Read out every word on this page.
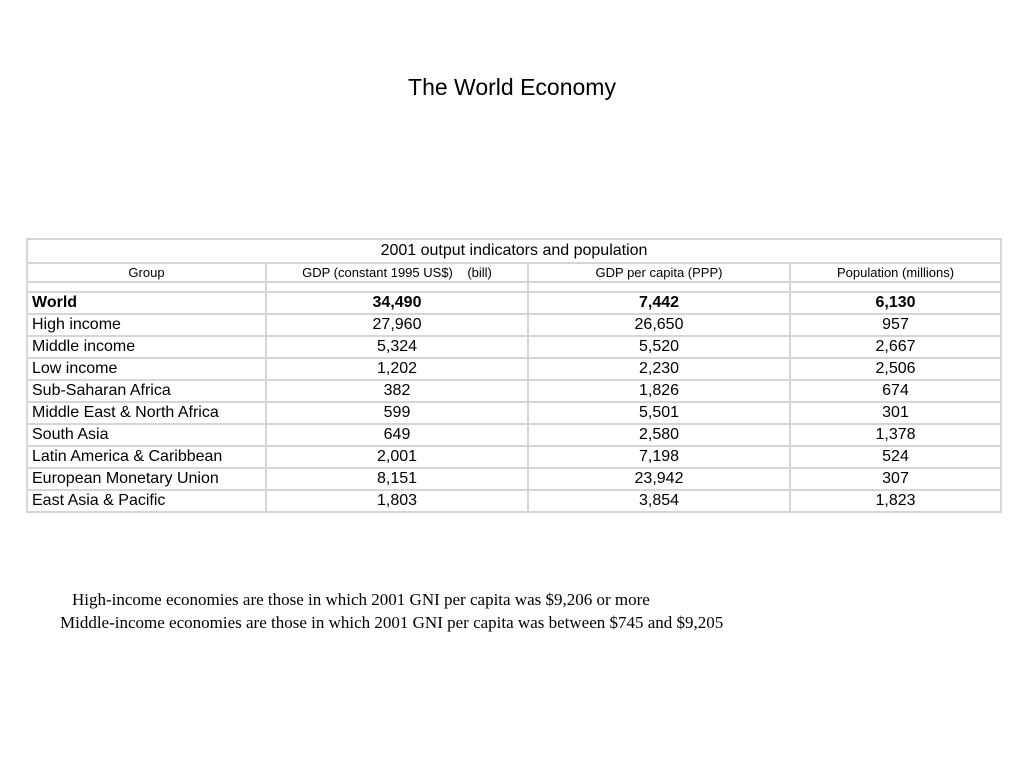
The World Economy
2001 output indicators and population			
Group	GDP (constant 1995 US$)    (bill)	GDP per capita (PPP)	Population (millions)

World	34,490	7,442	6,130
High income	27,960	26,650	957
Middle income	5,324	5,520	2,667
Low income	1,202	2,230	2,506
Sub-Saharan Africa	382	1,826	674
Middle East & North Africa	599	5,501	301
South Asia	649	2,580	1,378
Latin America & Caribbean	2,001	7,198	524
European Monetary Union	8,151	23,942	307
East Asia & Pacific	1,803	3,854	1,823
High-income economies are those in which 2001 GNI per capita was $9,206 or more
Middle-income economies are those in which 2001 GNI per capita was between $745 and $9,205
